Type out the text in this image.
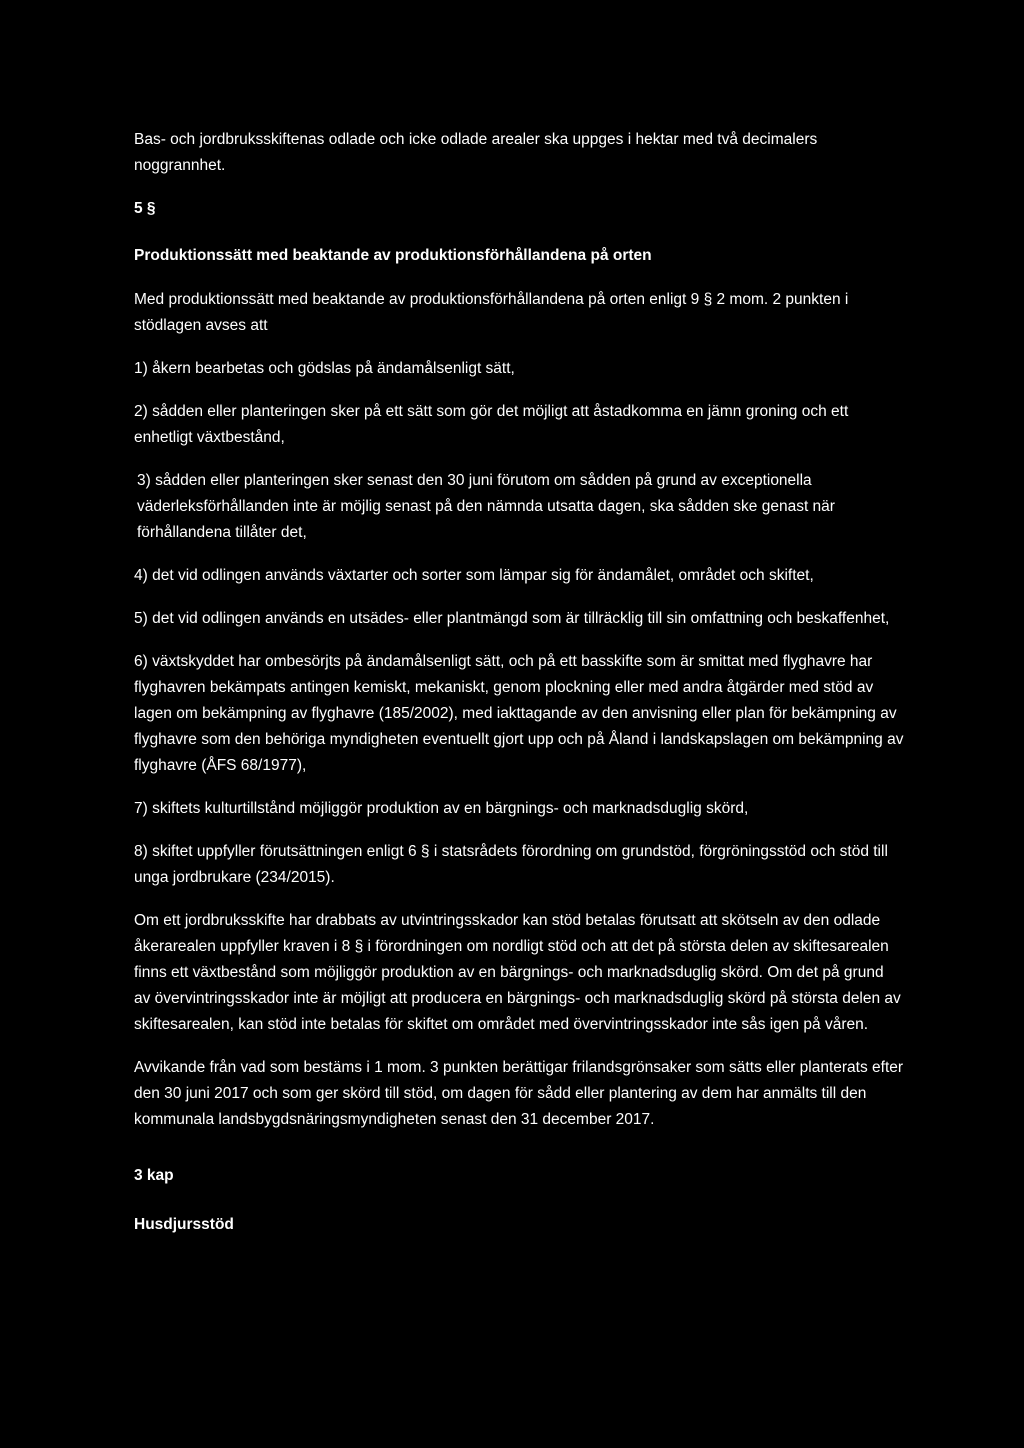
Bas- och jordbruksskiftenas odlade och icke odlade arealer ska uppges i hektar med två decimalers noggrannhet.

5 §

Produktionssätt med beaktande av produktionsförhållandena på orten

Med produktionssätt med beaktande av produktionsförhållandena på orten enligt 9 § 2 mom. 2 punkten i stödlagen avses att

1) åkern bearbetas och gödslas på ändamålsenligt sätt,

2) sådden eller planteringen sker på ett sätt som gör det möjligt att åstadkomma en jämn groning och ett enhetligt växtbestånd,

3) sådden eller planteringen sker senast den 30 juni förutom om sådden på grund av exceptionella väderleksförhållanden inte är möjlig senast på den nämnda utsatta dagen, ska sådden ske genast när förhållandena tillåter det,

4) det vid odlingen används växtarter och sorter som lämpar sig för ändamålet, området och skiftet,

5) det vid odlingen används en utsädes- eller plantmängd som är tillräcklig till sin omfattning och beskaffenhet,

6) växtskyddet har ombesörjts på ändamålsenligt sätt, och på ett basskifte som är smittat med flyghavre har flyghavren bekämpats antingen kemiskt, mekaniskt, genom plockning eller med andra åtgärder med stöd av lagen om bekämpning av flyghavre (185/2002), med iakttagande av den anvisning eller plan för bekämpning av flyghavre som den behöriga myndigheten eventuellt gjort upp och på Åland i landskapslagen om bekämpning av flyghavre (ÅFS 68/1977),

7) skiftets kulturtillstånd möjliggör produktion av en bärgnings- och marknadsduglig skörd,

8) skiftet uppfyller förutsättningen enligt 6 § i statsrådets förordning om grundstöd, förgröningsstöd och stöd till unga jordbrukare (234/2015).

Om ett jordbruksskifte har drabbats av utvintringsskador kan stöd betalas förutsatt att skötseln av den odlade åkerarealen uppfyller kraven i 8 § i förordningen om nordligt stöd och att det på största delen av skiftesarealen finns ett växtbestånd som möjliggör produktion av en bärgnings- och marknadsduglig skörd. Om det på grund av övervintringsskador inte är möjligt att producera en bärgnings- och marknadsduglig skörd på största delen av skiftesarealen, kan stöd inte betalas för skiftet om området med övervintringsskador inte sås igen på våren.

Avvikande från vad som bestäms i 1 mom. 3 punkten berättigar frilandsgrönsaker som sätts eller planterats efter den 30 juni 2017 och som ger skörd till stöd, om dagen för sådd eller plantering av dem har anmälts till den kommunala landsbygdsnäringsmyndigheten senast den 31 december 2017.

3 kap

Husdjursstöd
